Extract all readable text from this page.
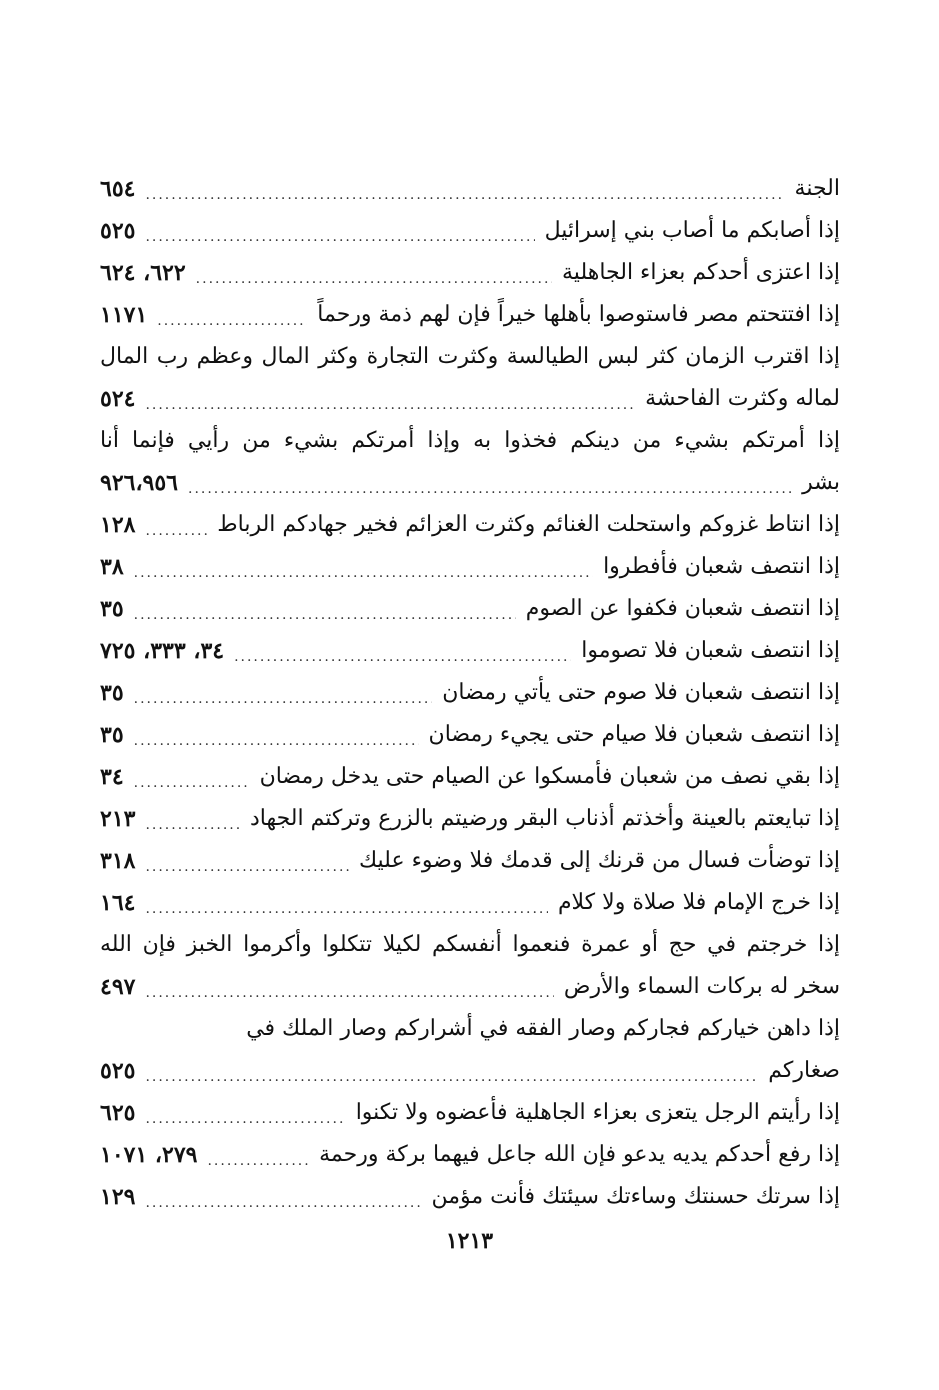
الجنة
.....
٦٥٤
إذا أصابكم ما أصاب بني إسرائيل
.....
٥٢٥
إذا اعتزى أحدكم بعزاء الجاهلية
.....
٦٢٢، ٦٢٤
إذا افتتحتم مصر فاستوصوا بأهلها خيراً فإن لهم ذمة ورحماً
.....
١١٧١
إذا اقترب الزمان كثر لبس الطيالسة وكثرت التجارة وكثر المال وعظم رب المال
لماله وكثرت الفاحشة
.....
٥٢٤
إذا أمرتكم بشيء من دينكم فخذوا به وإذا أمرتكم بشيء من رأيي فإنما أنا
بشر
.....
٩٢٦،٩٥٦
إذا انتاط غزوكم واستحلت الغنائم وكثرت العزائم فخير جهادكم الرباط
.....
١٢٨
إذا انتصف شعبان فأفطروا
.....
٣٨
إذا انتصف شعبان فكفوا عن الصوم
.....
٣٥
إذا انتصف شعبان فلا تصوموا
.....
٣٤، ٣٣٣، ٧٢٥
إذا انتصف شعبان فلا صوم حتى يأتي رمضان
.....
٣٥
إذا انتصف شعبان فلا صيام حتى يجيء رمضان
.....
٣٥
إذا بقي نصف من شعبان فأمسكوا عن الصيام حتى يدخل رمضان
.....
٣٤
إذا تبايعتم بالعينة وأخذتم أذناب البقر ورضيتم بالزرع وتركتم الجهاد
.....
٢١٣
إذا توضأت فسال من قرنك إلى قدمك فلا وضوء عليك
.....
٣١٨
إذا خرج الإمام فلا صلاة ولا كلام
.....
١٦٤
إذا خرجتم في حج أو عمرة فنعموا أنفسكم لكيلا تتكلوا وأكرموا الخبز فإن الله
سخر له بركات السماء والأرض
.....
٤٩٧
إذا داهن خياركم فجاركم وصار الفقه في أشراركم وصار الملك في
صغاركم
.....
٥٢٥
إذا رأيتم الرجل يتعزى بعزاء الجاهلية فأعضوه ولا تكنوا
.....
٦٢٥
إذا رفع أحدكم يديه يدعو فإن الله جاعل فيهما بركة ورحمة
.....
٢٧٩، ١٠٧١
إذا سرتك حسنتك وساءتك سيئتك فأنت مؤمن
.....
١٢٩
١٢١٣
